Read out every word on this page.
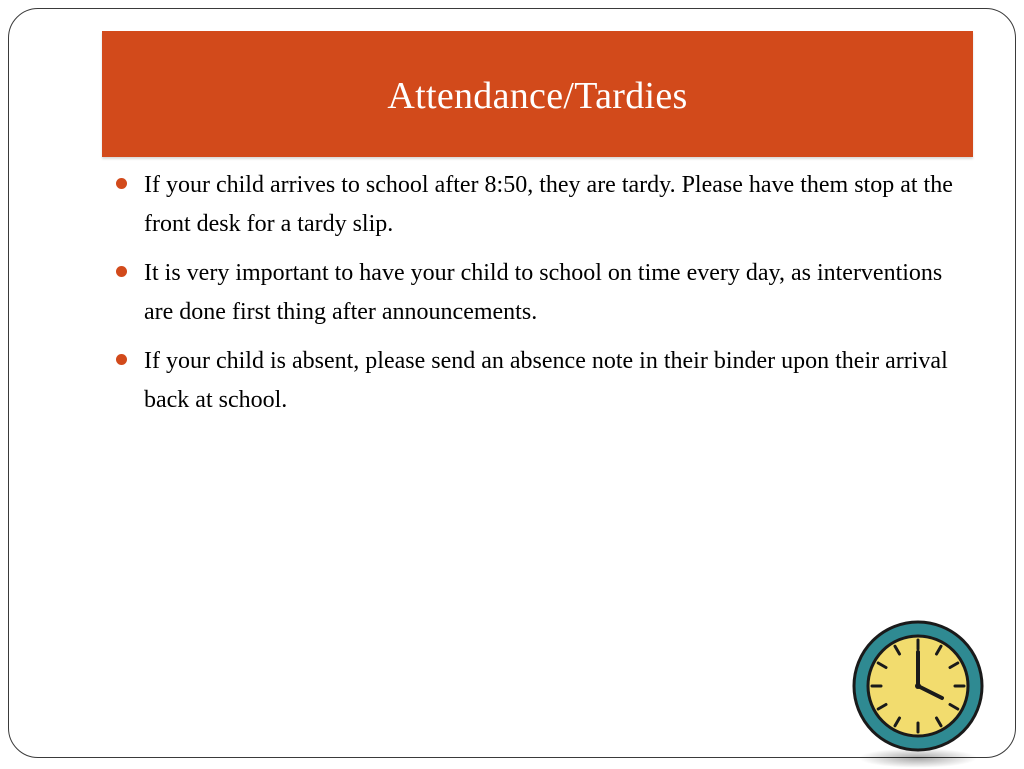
Attendance/Tardies
If your child arrives to school after 8:50, they are tardy. Please have them stop at the front desk for a tardy slip.
It is very important to have your child to school on time every day, as interventions are done first thing after announcements.
If your child is absent, please send an absence note in their binder upon their arrival back at school.
